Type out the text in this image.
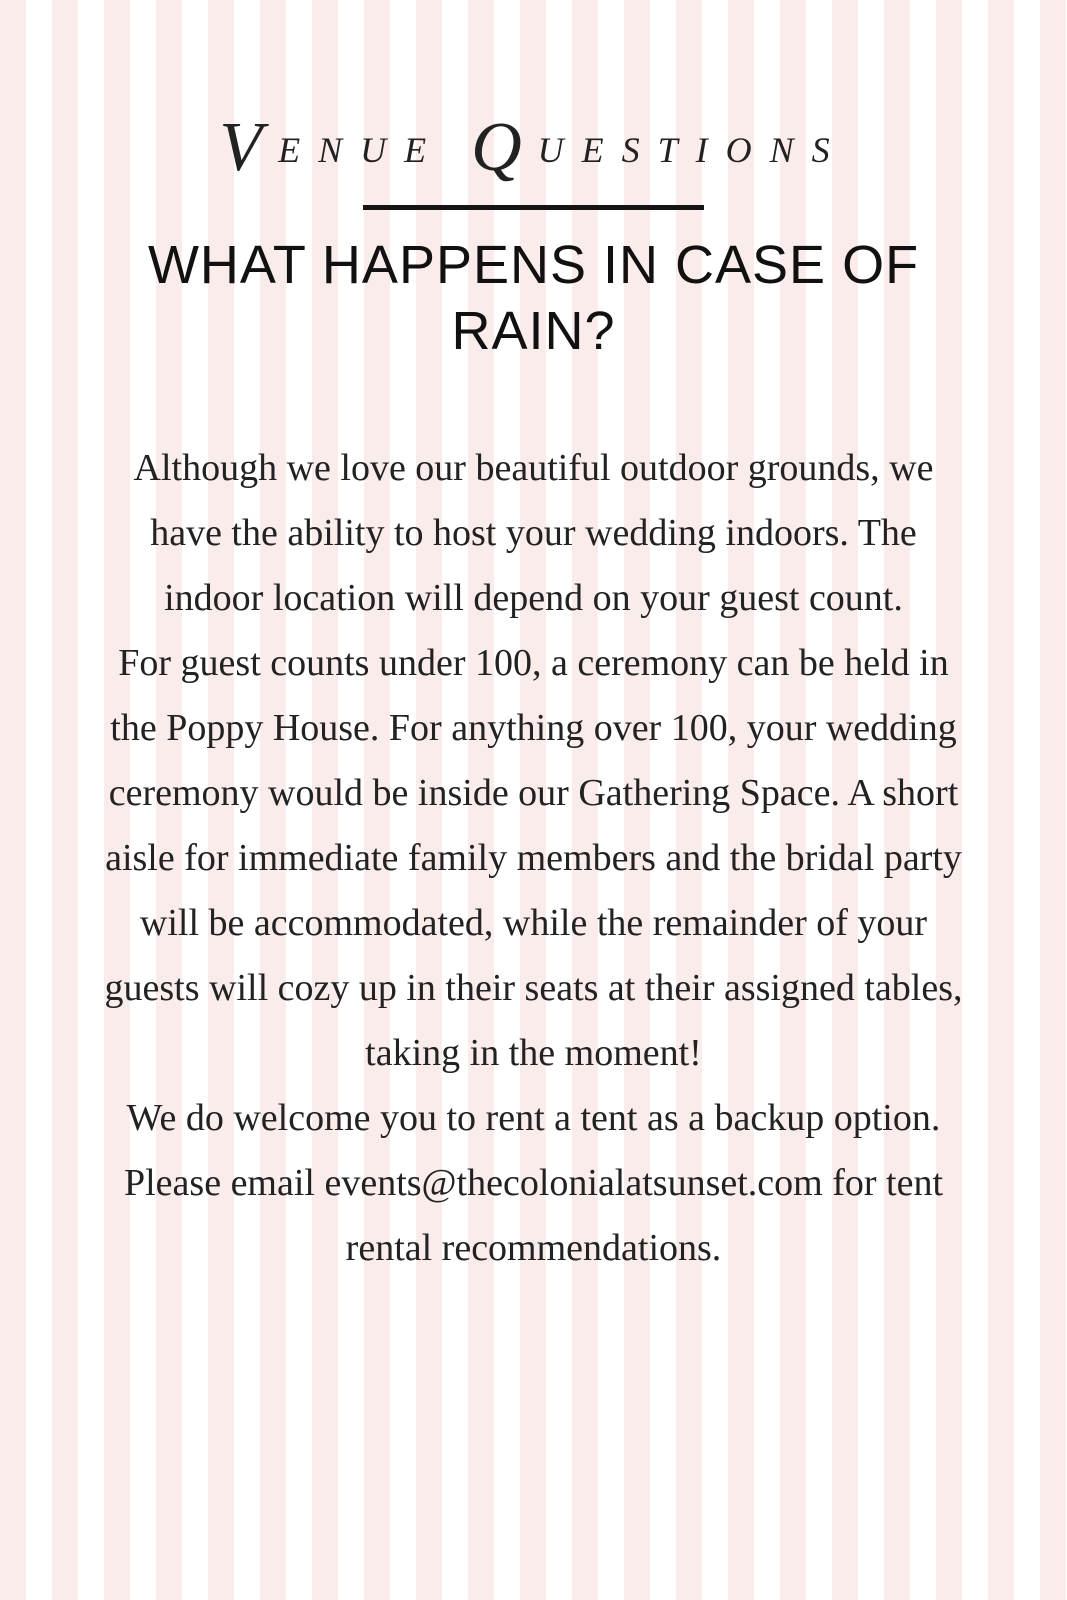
VENUE QUESTIONS
WHAT HAPPENS IN CASE OF RAIN?

Although we love our beautiful outdoor grounds, we have the ability to host your wedding indoors. The indoor location will depend on your guest count.

For guest counts under 100, a ceremony can be held in the Poppy House. For anything over 100, your wedding ceremony would be inside our Gathering Space. A short aisle for immediate family members and the bridal party will be accommodated, while the remainder of your guests will cozy up in their seats at their assigned tables, taking in the moment!

We do welcome you to rent a tent as a backup option. Please email events@thecolonialatsunset.com for tent rental recommendations.
